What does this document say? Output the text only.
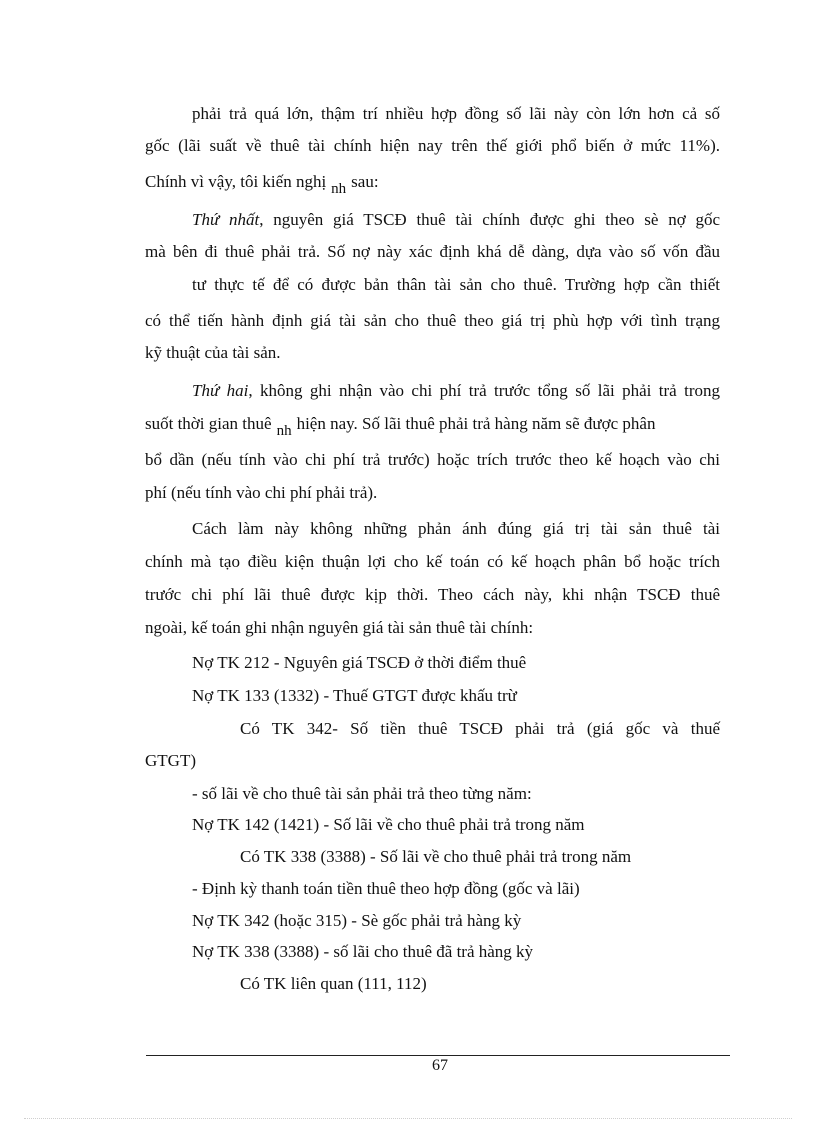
phải trả quá lớn, thậm trí nhiều hợp đồng số lãi này còn lớn hơn cả số
gốc (lãi suất về thuê tài chính hiện nay trên thế giới phổ biến ở mức 11%).
Chính vì vậy, tôi kiến nghị nh sau:
Thứ nhất, nguyên giá TSCĐ thuê tài chính được ghi theo sè nợ gốc
mà bên đi thuê phải trả. Số nợ này xác định khá dễ dàng, dựa vào số vốn đầu
tư thực tế để có được bản thân tài sản cho thuê. Trường hợp cần thiết
có thể tiến hành định giá tài sản cho thuê theo giá trị phù hợp với tình trạng
kỹ thuật của tài sản.
Thứ hai, không ghi nhận vào chi phí trả trước tổng số lãi phải trả trong
suốt thời gian thuê nh hiện nay. Số lãi thuê phải trả hàng năm sẽ được phân
bổ dần (nếu tính vào chi phí trả trước) hoặc trích trước theo kế hoạch vào chi
phí (nếu tính vào chi phí phải trả).
Cách làm này không những phản ánh đúng giá trị tài sản thuê tài
chính mà tạo điều kiện thuận lợi cho kế toán có kế hoạch phân bổ hoặc trích
trước chi phí lãi thuê được kịp thời. Theo cách này, khi nhận TSCĐ thuê
ngoài, kế toán ghi nhận nguyên giá tài sản thuê tài chính:
Nợ TK 212 - Nguyên giá TSCĐ ở thời điểm thuê
Nợ TK 133 (1332) - Thuế GTGT được khấu trừ
Có TK 342- Số tiền thuê TSCĐ phải trả (giá gốc và thuế
GTGT)
- số lãi về cho thuê tài sản phải trả theo từng năm:
Nợ TK 142 (1421) - Số lãi về cho thuê phải trả trong năm
Có TK 338 (3388) - Số lãi về cho thuê phải trả trong năm
- Định kỳ thanh toán tiền thuê theo hợp đồng (gốc và lãi)
Nợ TK 342 (hoặc 315) - Sè gốc phải trả hàng kỳ
Nợ TK 338 (3388) - số lãi cho thuê đã trả hàng kỳ
Có TK liên quan (111, 112)
67
